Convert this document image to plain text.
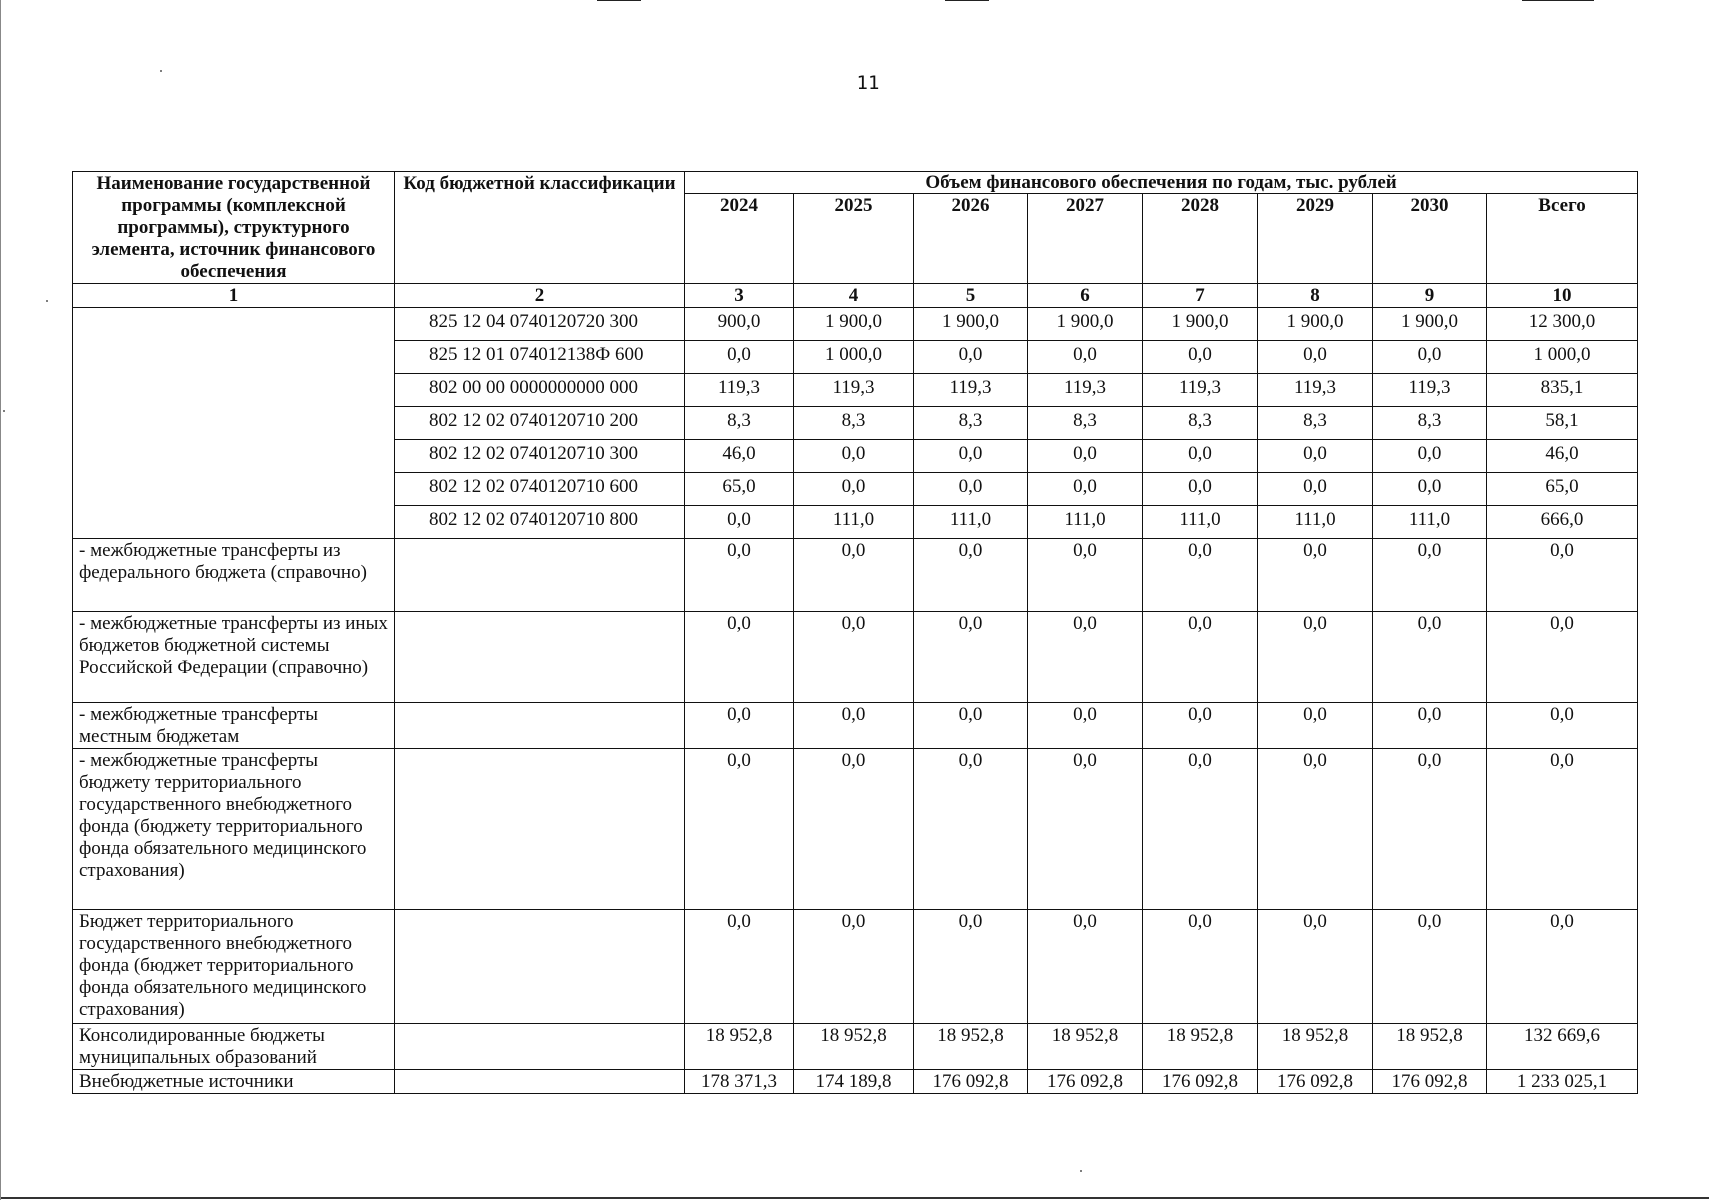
11
Наименование государственной программы (комплексной программы), структурного элемента, источник финансового обеспечения	Код бюджетной классификации	Объем финансового обеспечения по годам, тыс. рублей							
		2024	2025	2026	2027	2028	2029	2030	Всего
1	2	3	4	5	6	7	8	9	10
	825 12 04 0740120720 300	900,0	1 900,0	1 900,0	1 900,0	1 900,0	1 900,0	1 900,0	12 300,0
	825 12 01 074012138Ф 600	0,0	1 000,0	0,0	0,0	0,0	0,0	0,0	1 000,0
	802 00 00 0000000000 000	119,3	119,3	119,3	119,3	119,3	119,3	119,3	835,1
	802 12 02 0740120710 200	8,3	8,3	8,3	8,3	8,3	8,3	8,3	58,1
	802 12 02 0740120710 300	46,0	0,0	0,0	0,0	0,0	0,0	0,0	46,0
	802 12 02 0740120710 600	65,0	0,0	0,0	0,0	0,0	0,0	0,0	65,0
	802 12 02 0740120710 800	0,0	111,0	111,0	111,0	111,0	111,0	111,0	666,0
- межбюджетные трансферты из федерального бюджета (справочно)		0,0	0,0	0,0	0,0	0,0	0,0	0,0	0,0
- межбюджетные трансферты из иных бюджетов бюджетной системы Российской Федерации (справочно)		0,0	0,0	0,0	0,0	0,0	0,0	0,0	0,0
- межбюджетные трансферты местным бюджетам		0,0	0,0	0,0	0,0	0,0	0,0	0,0	0,0
- межбюджетные трансферты бюджету территориального государственного внебюджетного фонда (бюджету территориального фонда обязательного медицинского страхования)		0,0	0,0	0,0	0,0	0,0	0,0	0,0	0,0
Бюджет территориального государственного внебюджетного фонда (бюджет территориального фонда обязательного медицинского страхования)		0,0	0,0	0,0	0,0	0,0	0,0	0,0	0,0
Консолидированные бюджеты муниципальных образований		18 952,8	18 952,8	18 952,8	18 952,8	18 952,8	18 952,8	18 952,8	132 669,6
Внебюджетные источники		178 371,3	174 189,8	176 092,8	176 092,8	176 092,8	176 092,8	176 092,8	1 233 025,1
